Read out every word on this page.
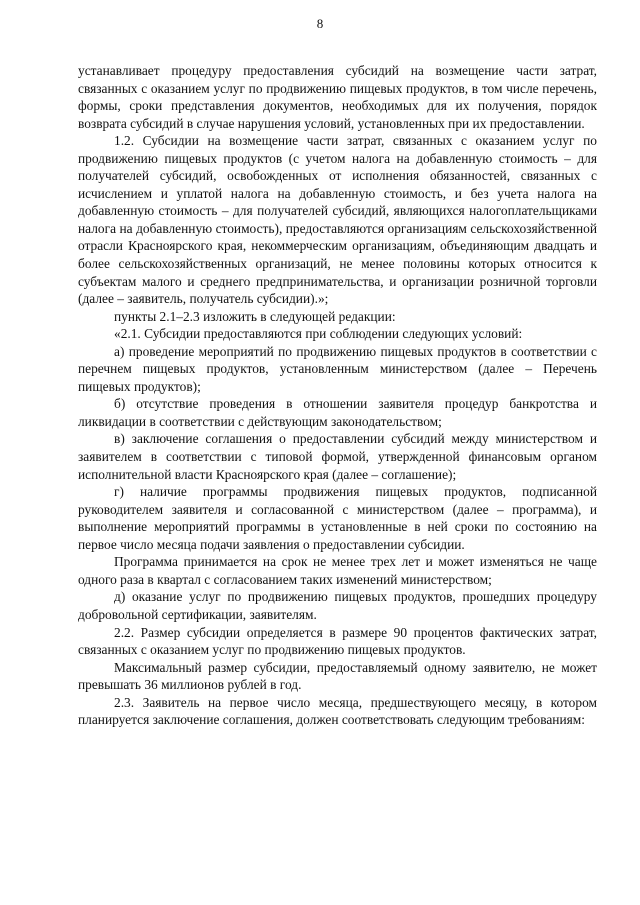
8

устанавливает процедуру предоставления субсидий на возмещение части затрат, связанных с оказанием услуг по продвижению пищевых продуктов, в том числе перечень, формы, сроки представления документов, необходимых для их получения, порядок возврата субсидий в случае нарушения условий, установленных при их предоставлении.

1.2. Субсидии на возмещение части затрат, связанных с оказанием услуг по продвижению пищевых продуктов (с учетом налога на добавленную стоимость – для получателей субсидий, освобожденных от исполнения обязанностей, связанных с исчислением и уплатой налога на добавленную стоимость, и без учета налога на добавленную стоимость – для получателей субсидий, являющихся налогоплательщиками налога на добавленную стоимость), предоставляются организациям сельскохозяйственной отрасли Красноярского края, некоммерческим организациям, объединяющим двадцать и более сельскохозяйственных организаций, не менее половины которых относится к субъектам малого и среднего предпринимательства, и организации розничной торговли (далее – заявитель, получатель субсидии).»;

пункты 2.1–2.3 изложить в следующей редакции:

«2.1. Субсидии предоставляются при соблюдении следующих условий:

а) проведение мероприятий по продвижению пищевых продуктов в соответствии с перечнем пищевых продуктов, установленным министерством (далее – Перечень пищевых продуктов);

б) отсутствие проведения в отношении заявителя процедур банкротства и ликвидации в соответствии с действующим законодательством;

в) заключение соглашения о предоставлении субсидий между министерством и заявителем в соответствии с типовой формой, утвержденной финансовым органом исполнительной власти Красноярского края (далее – соглашение);

г) наличие программы продвижения пищевых продуктов, подписанной руководителем заявителя и согласованной с министерством (далее – программа), и выполнение мероприятий программы в установленные в ней сроки по состоянию на первое число месяца подачи заявления о предоставлении субсидии.

Программа принимается на срок не менее трех лет и может изменяться не чаще одного раза в квартал с согласованием таких изменений министерством;

д) оказание услуг по продвижению пищевых продуктов, прошедших процедуру добровольной сертификации, заявителям.

2.2. Размер субсидии определяется в размере 90 процентов фактических затрат, связанных с оказанием услуг по продвижению пищевых продуктов.

Максимальный размер субсидии, предоставляемый одному заявителю, не может превышать 36 миллионов рублей в год.

2.3. Заявитель на первое число месяца, предшествующего месяцу, в котором планируется заключение соглашения, должен соответствовать следующим требованиям:
